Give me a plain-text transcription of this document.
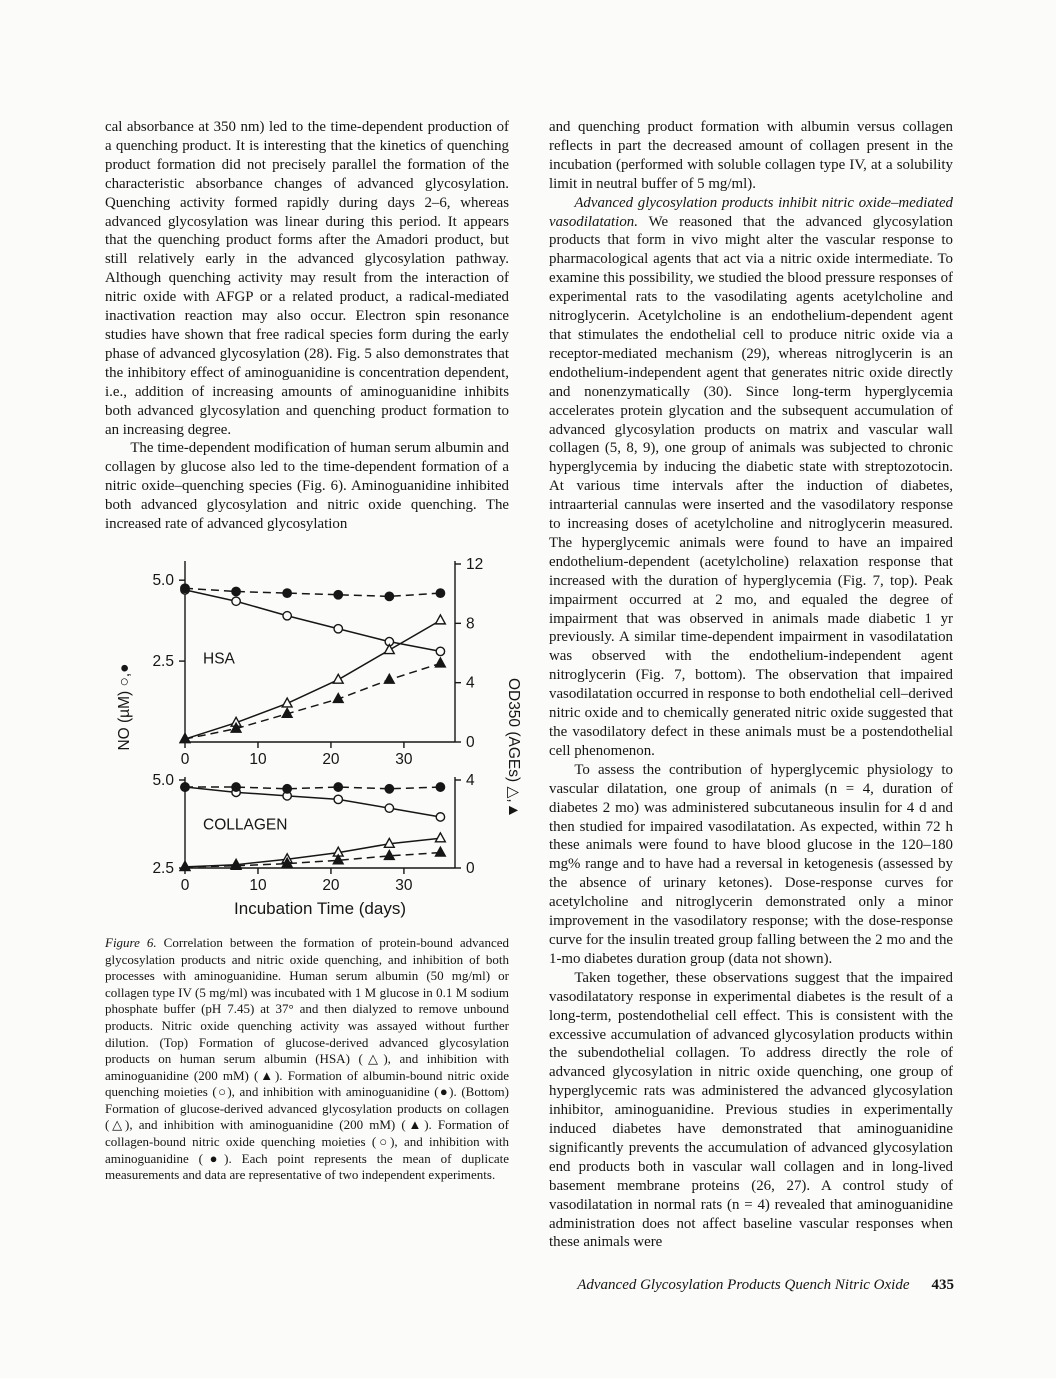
cal absorbance at 350 nm) led to the time-dependent production of a quenching product. It is interesting that the kinetics of quenching product formation did not precisely parallel the formation of the characteristic absorbance changes of advanced glycosylation. Quenching activity formed rapidly during days 2–6, whereas advanced glycosylation was linear during this period. It appears that the quenching product forms after the Amadori product, but still relatively early in the advanced glycosylation pathway. Although quenching activity may result from the interaction of nitric oxide with AFGP or a related product, a radical-mediated inactivation reaction may also occur. Electron spin resonance studies have shown that free radical species form during the early phase of advanced glycosylation (28). Fig. 5 also demonstrates that the inhibitory effect of aminoguanidine is concentration dependent, i.e., addition of increasing amounts of aminoguanidine inhibits both advanced glycosylation and quenching product formation to an increasing degree.

The time-dependent modification of human serum albumin and collagen by glucose also led to the time-dependent formation of a nitric oxide–quenching species (Fig. 6). Aminoguanidine inhibited both advanced glycosylation and nitric oxide quenching. The increased rate of advanced glycosylation

2.5
5.0
0
4
8
12
0	10	20	30
HSA
2.5
5.0
0
4
0	10	20	30
COLLAGEN
NO (µM) ○,●	OD350 (AGEs) △,▲
Incubation Time (days)

Figure 6. Correlation between the formation of protein-bound advanced glycosylation products and nitric oxide quenching, and inhibition of both processes with aminoguanidine. Human serum albumin (50 mg/ml) or collagen type IV (5 mg/ml) was incubated with 1 M glucose in 0.1 M sodium phosphate buffer (pH 7.45) at 37° and then dialyzed to remove unbound products. Nitric oxide quenching activity was assayed without further dilution. (Top) Formation of glucose-derived advanced glycosylation products on human serum albumin (HSA) (△), and inhibition with aminoguanidine (200 mM) (▲). Formation of albumin-bound nitric oxide quenching moieties (○), and inhibition with aminoguanidine (●). (Bottom) Formation of glucose-derived advanced glycosylation products on collagen (△), and inhibition with aminoguanidine (200 mM) (▲). Formation of collagen-bound nitric oxide quenching moieties (○), and inhibition with aminoguanidine (●). Each point represents the mean of duplicate measurements and data are representative of two independent experiments.

and quenching product formation with albumin versus collagen reflects in part the decreased amount of collagen present in the incubation (performed with soluble collagen type IV, at a solubility limit in neutral buffer of 5 mg/ml).

Advanced glycosylation products inhibit nitric oxide–mediated vasodilatation. We reasoned that the advanced glycosylation products that form in vivo might alter the vascular response to pharmacological agents that act via a nitric oxide intermediate. To examine this possibility, we studied the blood pressure responses of experimental rats to the vasodilating agents acetylcholine and nitroglycerin. Acetylcholine is an endothelium-dependent agent that stimulates the endothelial cell to produce nitric oxide via a receptor-mediated mechanism (29), whereas nitroglycerin is an endothelium-independent agent that generates nitric oxide directly and nonenzymatically (30). Since long-term hyperglycemia accelerates protein glycation and the subsequent accumulation of advanced glycosylation products on matrix and vascular wall collagen (5, 8, 9), one group of animals was subjected to chronic hyperglycemia by inducing the diabetic state with streptozotocin. At various time intervals after the induction of diabetes, intraarterial cannulas were inserted and the vasodilatory response to increasing doses of acetylcholine and nitroglycerin measured. The hyperglycemic animals were found to have an impaired endothelium-dependent (acetylcholine) relaxation response that increased with the duration of hyperglycemia (Fig. 7, top). Peak impairment occurred at 2 mo, and equaled the degree of impairment that was observed in animals made diabetic 1 yr previously. A similar time-dependent impairment in vasodilatation was observed with the endothelium-independent agent nitroglycerin (Fig. 7, bottom). The observation that impaired vasodilatation occurred in response to both endothelial cell–derived nitric oxide and to chemically generated nitric oxide suggested that the vasodilatory defect in these animals must be a postendothelial cell phenomenon.

To assess the contribution of hyperglycemic physiology to vascular dilatation, one group of animals (n = 4, duration of diabetes 2 mo) was administered subcutaneous insulin for 4 d and then studied for impaired vasodilatation. As expected, within 72 h these animals were found to have blood glucose in the 120–180 mg% range and to have had a reversal in ketogenesis (assessed by the absence of urinary ketones). Dose-response curves for acetylcholine and nitroglycerin demonstrated only a minor improvement in the vasodilatory response; with the dose-response curve for the insulin treated group falling between the 2 mo and the 1-mo diabetes duration group (data not shown).

Taken together, these observations suggest that the impaired vasodilatatory response in experimental diabetes is the result of a long-term, postendothelial cell effect. This is consistent with the excessive accumulation of advanced glycosylation products within the subendothelial collagen. To address directly the role of advanced glycosylation in nitric oxide quenching, one group of hyperglycemic rats was administered the advanced glycosylation inhibitor, aminoguanidine. Previous studies in experimentally induced diabetes have demonstrated that aminoguanidine significantly prevents the accumulation of advanced glycosylation end products both in vascular wall collagen and in long-lived basement membrane proteins (26, 27). A control study of vasodilatation in normal rats (n = 4) revealed that aminoguanidine administration does not affect baseline vascular responses when these animals were

Advanced Glycosylation Products Quench Nitric Oxide 435
